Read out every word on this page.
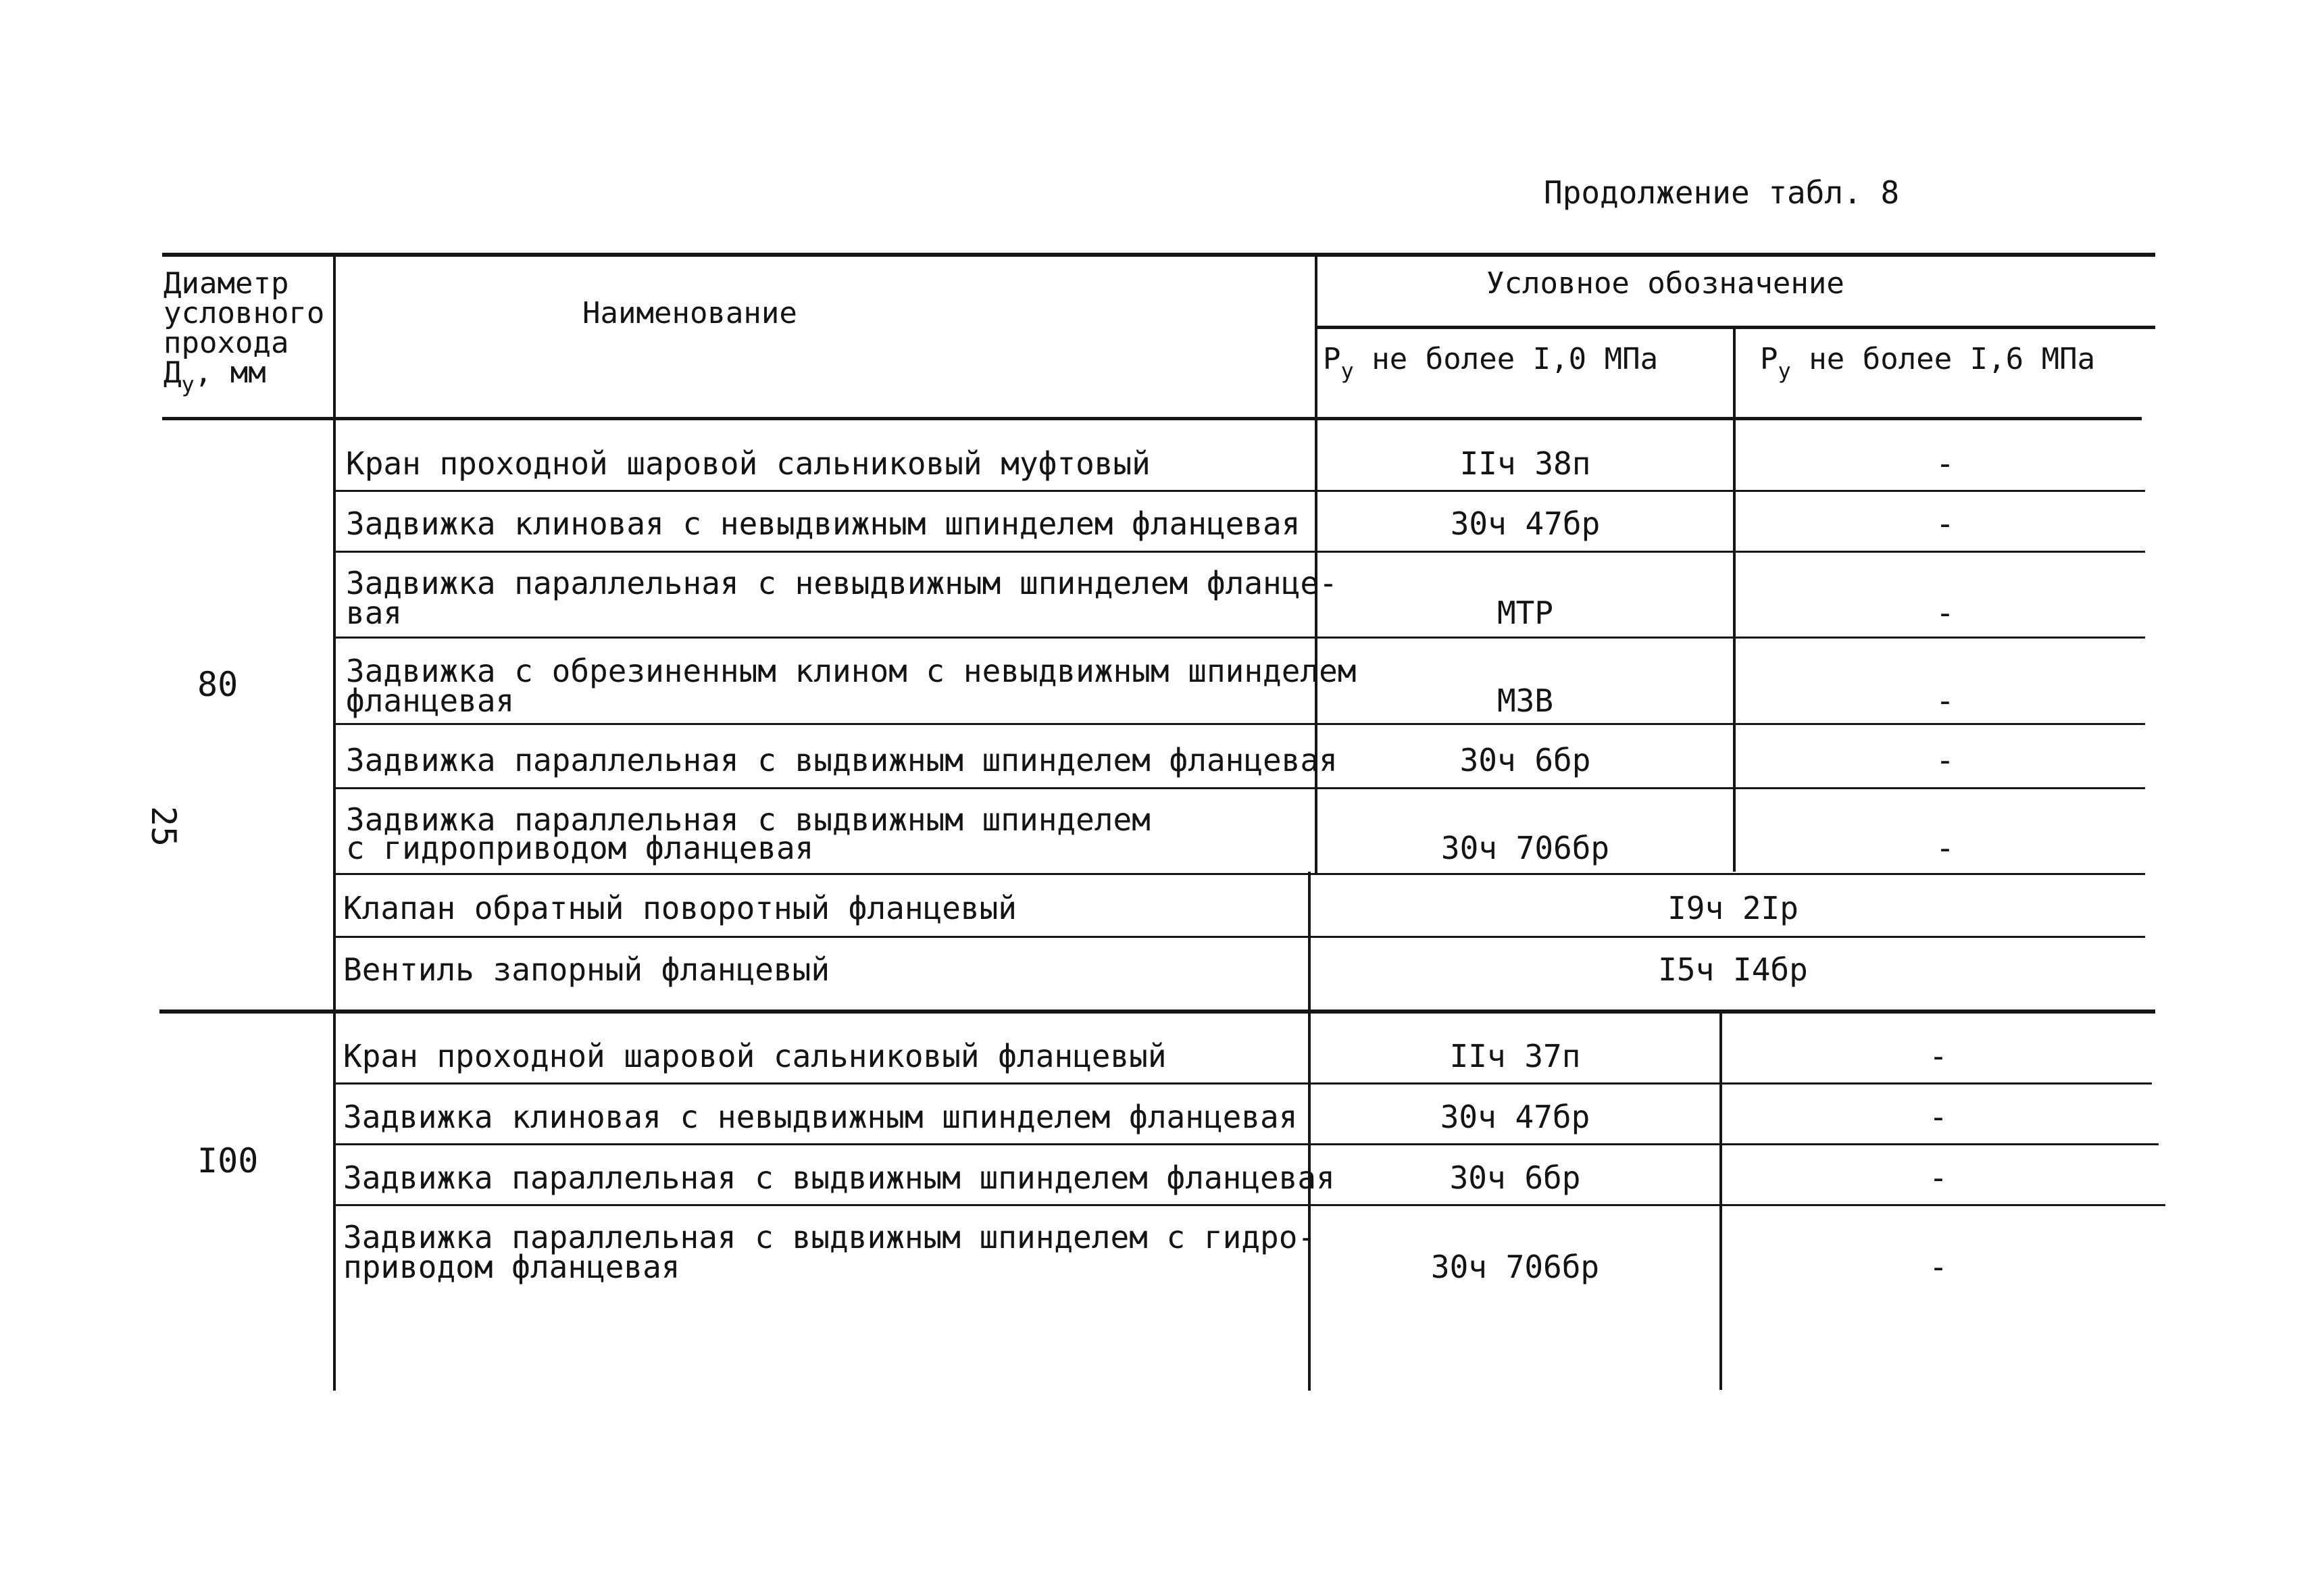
Продолжение табл. 8
25
Диаметр
условного
прохода
$Д_у$, мм
Наименование
Условное обозначение
$Р_у$ не более I,0 МПа	$Р_у$ не более I,6 МПа
80
Кран проходной шаровой сальниковый муфтовый	IIч 38п	-
Задвижка клиновая с невыдвижным шпинделем фланцевая	30ч 47бр	-
Задвижка параллельная с невыдвижным шпинделем фланце-
вая	МТР	-
Задвижка с обрезиненным клином с невыдвижным шпинделем
фланцевая	МЗВ	-
Задвижка параллельная с выдвижным шпинделем фланцевая	30ч 6бр	-
Задвижка параллельная с выдвижным шпинделем
с гидроприводом фланцевая	30ч 706бр	-
Клапан обратный поворотный фланцевый	I9ч 2Iр
Вентиль запорный фланцевый	I5ч I4бр
I00
Кран проходной шаровой сальниковый фланцевый	IIч 37п	-
Задвижка клиновая с невыдвижным шпинделем фланцевая	30ч 47бр	-
Задвижка параллельная с выдвижным шпинделем фланцевая	30ч 6бр	-
Задвижка параллельная с выдвижным шпинделем с гидро-
приводом фланцевая	30ч 706бр	-
